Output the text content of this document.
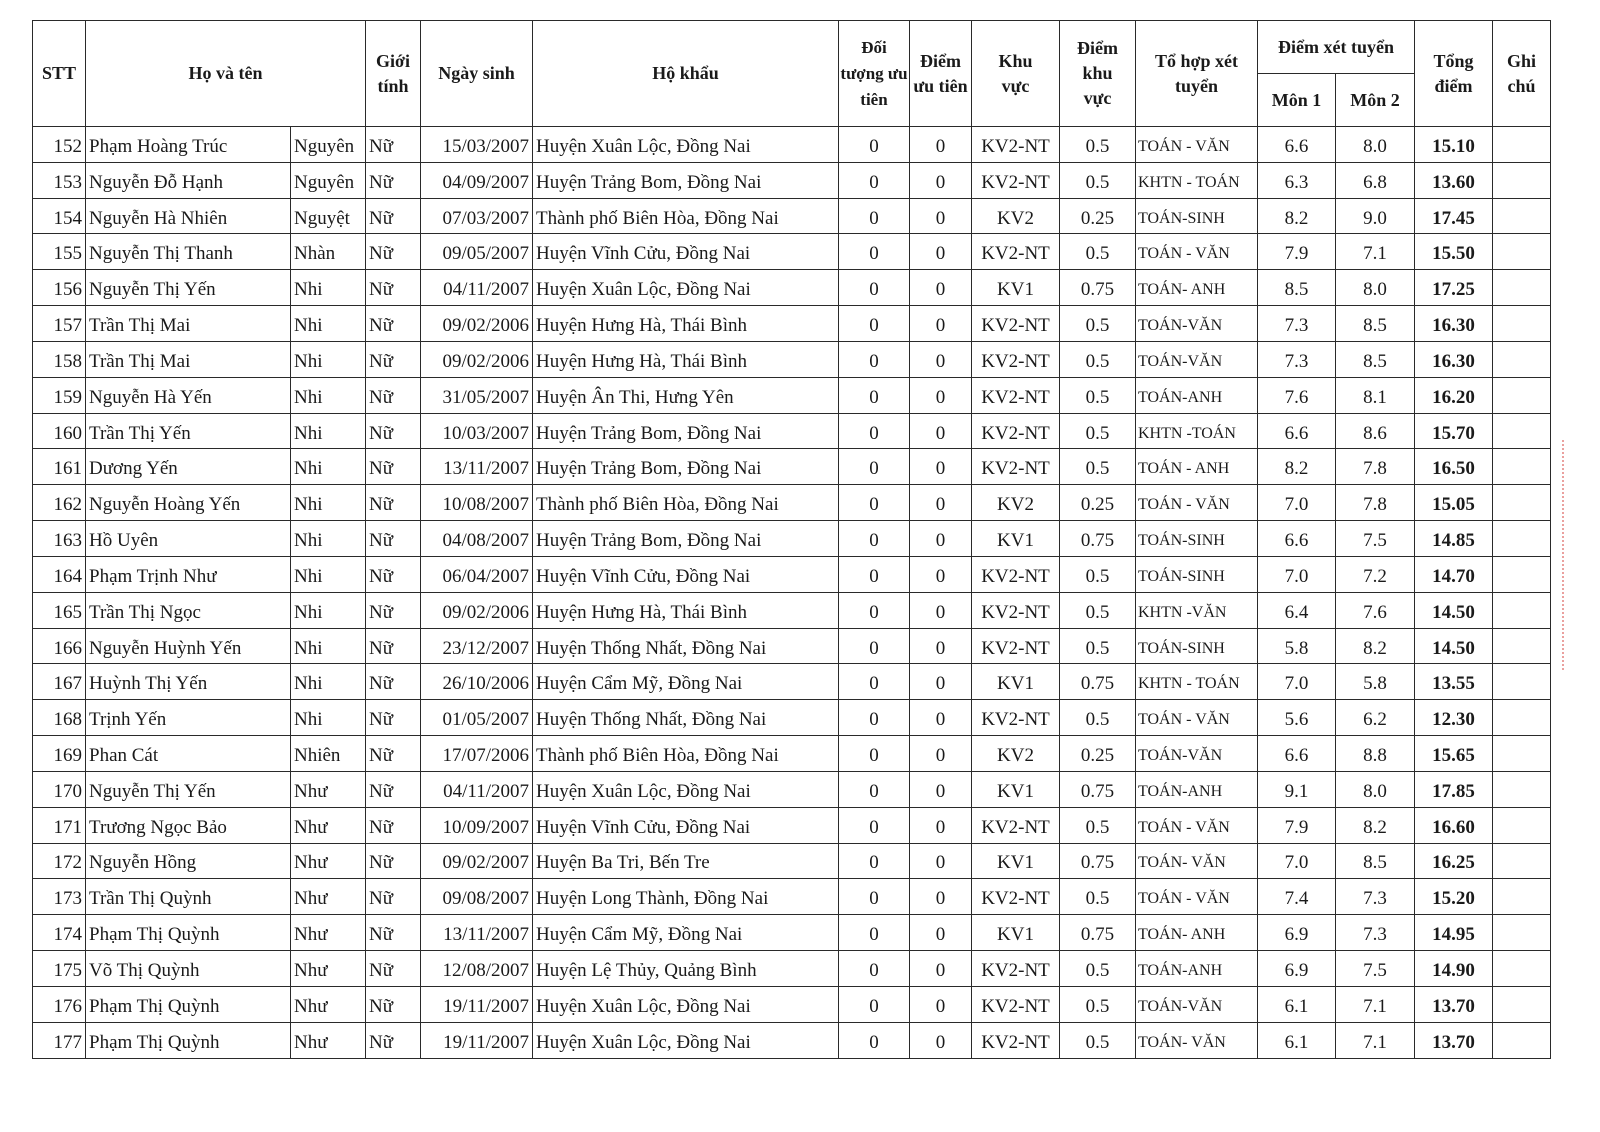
STT	Họ và tên		Giới tính	Ngày sinh	Hộ khẩu	Đối tượng ưu tiên	Điểm ưu tiên	Khu vực	Điểm khu vực	Tổ hợp xét tuyển	Điểm xét tuyển		Tổng điểm	Ghi chú
											Môn 1	Môn 2		
152	Phạm Hoàng Trúc	Nguyên	Nữ	15/03/2007	Huyện Xuân Lộc, Đồng Nai	0	0	KV2-NT	0.5	TOÁN - VĂN	6.6	8.0	15.10	
153	Nguyễn Đỗ Hạnh	Nguyên	Nữ	04/09/2007	Huyện Trảng Bom, Đồng Nai	0	0	KV2-NT	0.5	KHTN - TOÁN	6.3	6.8	13.60	
154	Nguyễn Hà Nhiên	Nguyệt	Nữ	07/03/2007	Thành phố Biên Hòa, Đồng Nai	0	0	KV2	0.25	TOÁN-SINH	8.2	9.0	17.45	
155	Nguyễn Thị Thanh	Nhàn	Nữ	09/05/2007	Huyện Vĩnh Cửu, Đồng Nai	0	0	KV2-NT	0.5	TOÁN - VĂN	7.9	7.1	15.50	
156	Nguyễn Thị Yến	Nhi	Nữ	04/11/2007	Huyện Xuân Lộc, Đồng Nai	0	0	KV1	0.75	TOÁN- ANH	8.5	8.0	17.25	
157	Trần Thị Mai	Nhi	Nữ	09/02/2006	Huyện Hưng Hà, Thái Bình	0	0	KV2-NT	0.5	TOÁN-VĂN	7.3	8.5	16.30	
158	Trần Thị Mai	Nhi	Nữ	09/02/2006	Huyện Hưng Hà, Thái Bình	0	0	KV2-NT	0.5	TOÁN-VĂN	7.3	8.5	16.30	
159	Nguyễn Hà Yến	Nhi	Nữ	31/05/2007	Huyện Ân Thi, Hưng Yên	0	0	KV2-NT	0.5	TOÁN-ANH	7.6	8.1	16.20	
160	Trần Thị Yến	Nhi	Nữ	10/03/2007	Huyện Trảng Bom, Đồng Nai	0	0	KV2-NT	0.5	KHTN -TOÁN	6.6	8.6	15.70	
161	Dương Yến	Nhi	Nữ	13/11/2007	Huyện Trảng Bom, Đồng Nai	0	0	KV2-NT	0.5	TOÁN - ANH	8.2	7.8	16.50	
162	Nguyễn Hoàng Yến	Nhi	Nữ	10/08/2007	Thành phố Biên Hòa, Đồng Nai	0	0	KV2	0.25	TOÁN - VĂN	7.0	7.8	15.05	
163	Hồ Uyên	Nhi	Nữ	04/08/2007	Huyện Trảng Bom, Đồng Nai	0	0	KV1	0.75	TOÁN-SINH	6.6	7.5	14.85	
164	Phạm Trịnh Như	Nhi	Nữ	06/04/2007	Huyện Vĩnh Cửu, Đồng Nai	0	0	KV2-NT	0.5	TOÁN-SINH	7.0	7.2	14.70	
165	Trần Thị Ngọc	Nhi	Nữ	09/02/2006	Huyện Hưng Hà, Thái Bình	0	0	KV2-NT	0.5	KHTN -VĂN	6.4	7.6	14.50	
166	Nguyễn Huỳnh Yến	Nhi	Nữ	23/12/2007	Huyện Thống Nhất, Đồng Nai	0	0	KV2-NT	0.5	TOÁN-SINH	5.8	8.2	14.50	
167	Huỳnh Thị Yến	Nhi	Nữ	26/10/2006	Huyện Cẩm Mỹ, Đồng Nai	0	0	KV1	0.75	KHTN - TOÁN	7.0	5.8	13.55	
168	Trịnh Yến	Nhi	Nữ	01/05/2007	Huyện Thống Nhất, Đồng Nai	0	0	KV2-NT	0.5	TOÁN - VĂN	5.6	6.2	12.30	
169	Phan Cát	Nhiên	Nữ	17/07/2006	Thành phố Biên Hòa, Đồng Nai	0	0	KV2	0.25	TOÁN-VĂN	6.6	8.8	15.65	
170	Nguyễn Thị Yến	Như	Nữ	04/11/2007	Huyện Xuân Lộc, Đồng Nai	0	0	KV1	0.75	TOÁN-ANH	9.1	8.0	17.85	
171	Trương Ngọc Bảo	Như	Nữ	10/09/2007	Huyện Vĩnh Cửu, Đồng Nai	0	0	KV2-NT	0.5	TOÁN - VĂN	7.9	8.2	16.60	
172	Nguyễn Hồng	Như	Nữ	09/02/2007	Huyện Ba Tri, Bến Tre	0	0	KV1	0.75	TOÁN- VĂN	7.0	8.5	16.25	
173	Trần Thị Quỳnh	Như	Nữ	09/08/2007	Huyện Long Thành, Đồng Nai	0	0	KV2-NT	0.5	TOÁN - VĂN	7.4	7.3	15.20	
174	Phạm Thị Quỳnh	Như	Nữ	13/11/2007	Huyện Cẩm Mỹ, Đồng Nai	0	0	KV1	0.75	TOÁN- ANH	6.9	7.3	14.95	
175	Võ Thị Quỳnh	Như	Nữ	12/08/2007	Huyện Lệ Thủy, Quảng Bình	0	0	KV2-NT	0.5	TOÁN-ANH	6.9	7.5	14.90	
176	Phạm Thị Quỳnh	Như	Nữ	19/11/2007	Huyện Xuân Lộc, Đồng Nai	0	0	KV2-NT	0.5	TOÁN-VĂN	6.1	7.1	13.70	
177	Phạm Thị Quỳnh	Như	Nữ	19/11/2007	Huyện Xuân Lộc, Đồng Nai	0	0	KV2-NT	0.5	TOÁN- VĂN	6.1	7.1	13.70	
